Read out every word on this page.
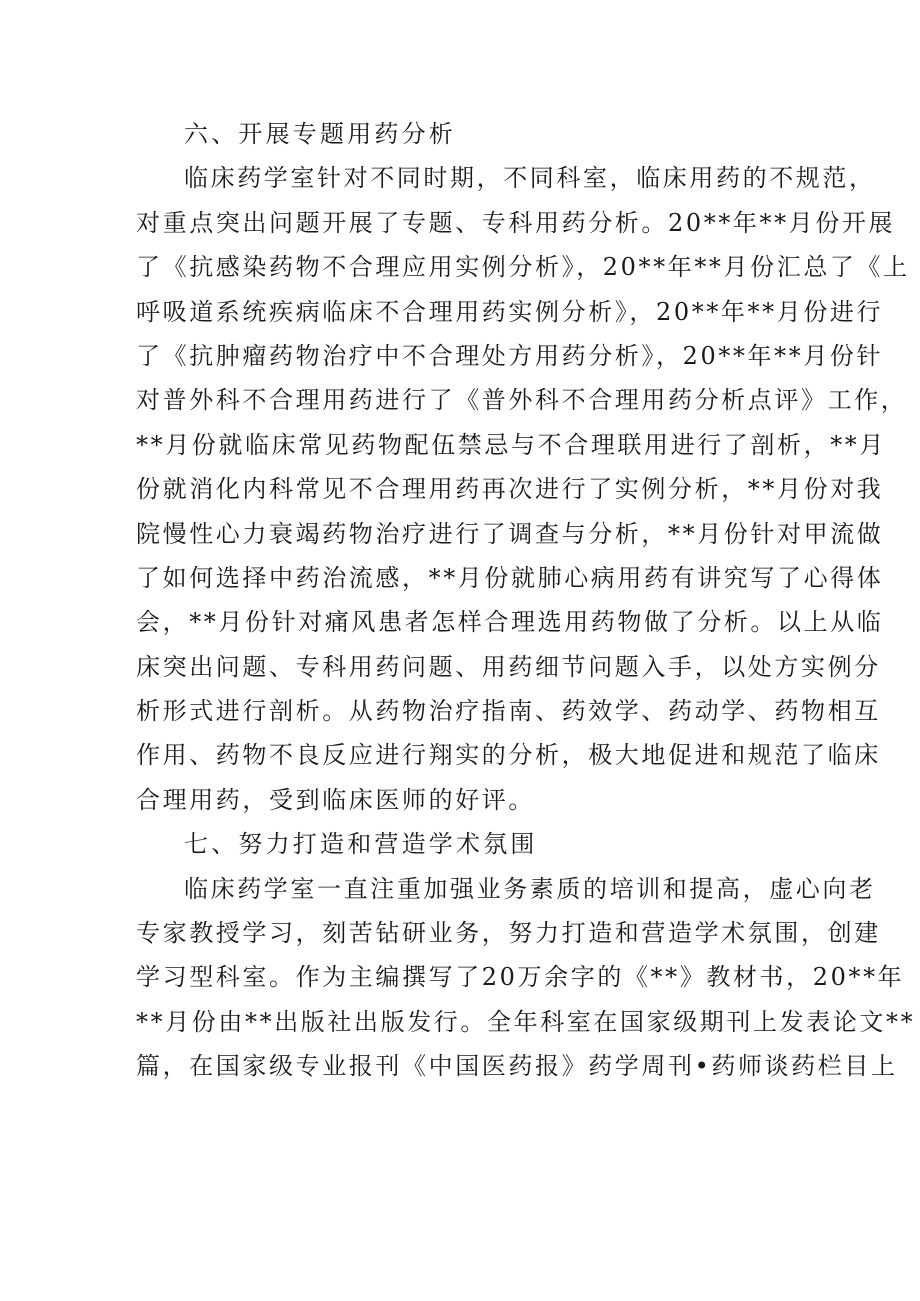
六、开展专题用药分析
临床药学室针对不同时期，不同科室，临床用药的不规范，
对重点突出问题开展了专题、专科用药分析。20**年**月份开展
了《抗感染药物不合理应用实例分析》，20**年**月份汇总了《上
呼吸道系统疾病临床不合理用药实例分析》，20**年**月份进行
了《抗肿瘤药物治疗中不合理处方用药分析》，20**年**月份针
对普外科不合理用药进行了《普外科不合理用药分析点评》工作，
**月份就临床常见药物配伍禁忌与不合理联用进行了剖析，**月
份就消化内科常见不合理用药再次进行了实例分析，**月份对我
院慢性心力衰竭药物治疗进行了调查与分析，**月份针对甲流做
了如何选择中药治流感，**月份就肺心病用药有讲究写了心得体
会，**月份针对痛风患者怎样合理选用药物做了分析。以上从临
床突出问题、专科用药问题、用药细节问题入手，以处方实例分
析形式进行剖析。从药物治疗指南、药效学、药动学、药物相互
作用、药物不良反应进行翔实的分析，极大地促进和规范了临床
合理用药，受到临床医师的好评。
七、努力打造和营造学术氛围
临床药学室一直注重加强业务素质的培训和提高，虚心向老
专家教授学习，刻苦钻研业务，努力打造和营造学术氛围，创建
学习型科室。作为主编撰写了20万余字的《**》教材书，20**年
**月份由**出版社出版发行。全年科室在国家级期刊上发表论文**
篇，在国家级专业报刊《中国医药报》药学周刊•药师谈药栏目上
